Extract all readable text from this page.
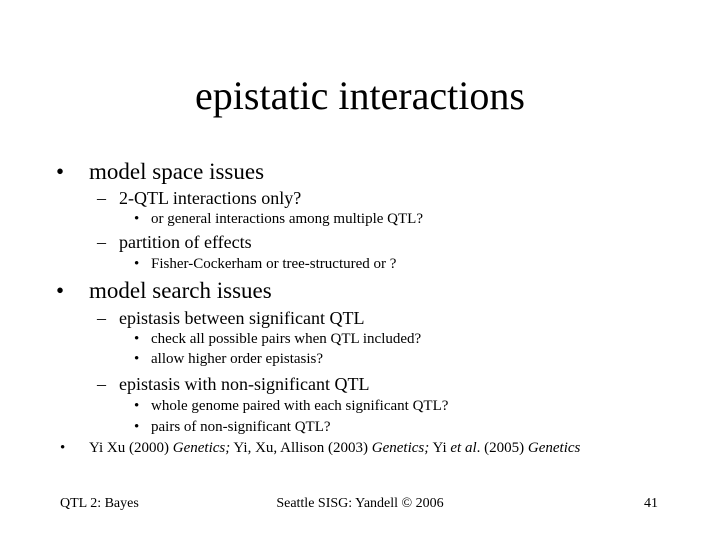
epistatic interactions
• model space issues
– 2-QTL interactions only?
• or general interactions among multiple QTL?
– partition of effects
• Fisher-Cockerham or tree-structured or ?
• model search issues
– epistasis between significant QTL
• check all possible pairs when QTL included?
• allow higher order epistasis?
– epistasis with non-significant QTL
• whole genome paired with each significant QTL?
• pairs of non-significant QTL?
• Yi Xu (2000) Genetics; Yi, Xu, Allison (2003) Genetics; Yi et al. (2005) Genetics
QTL 2: Bayes	Seattle SISG: Yandell © 2006	41
